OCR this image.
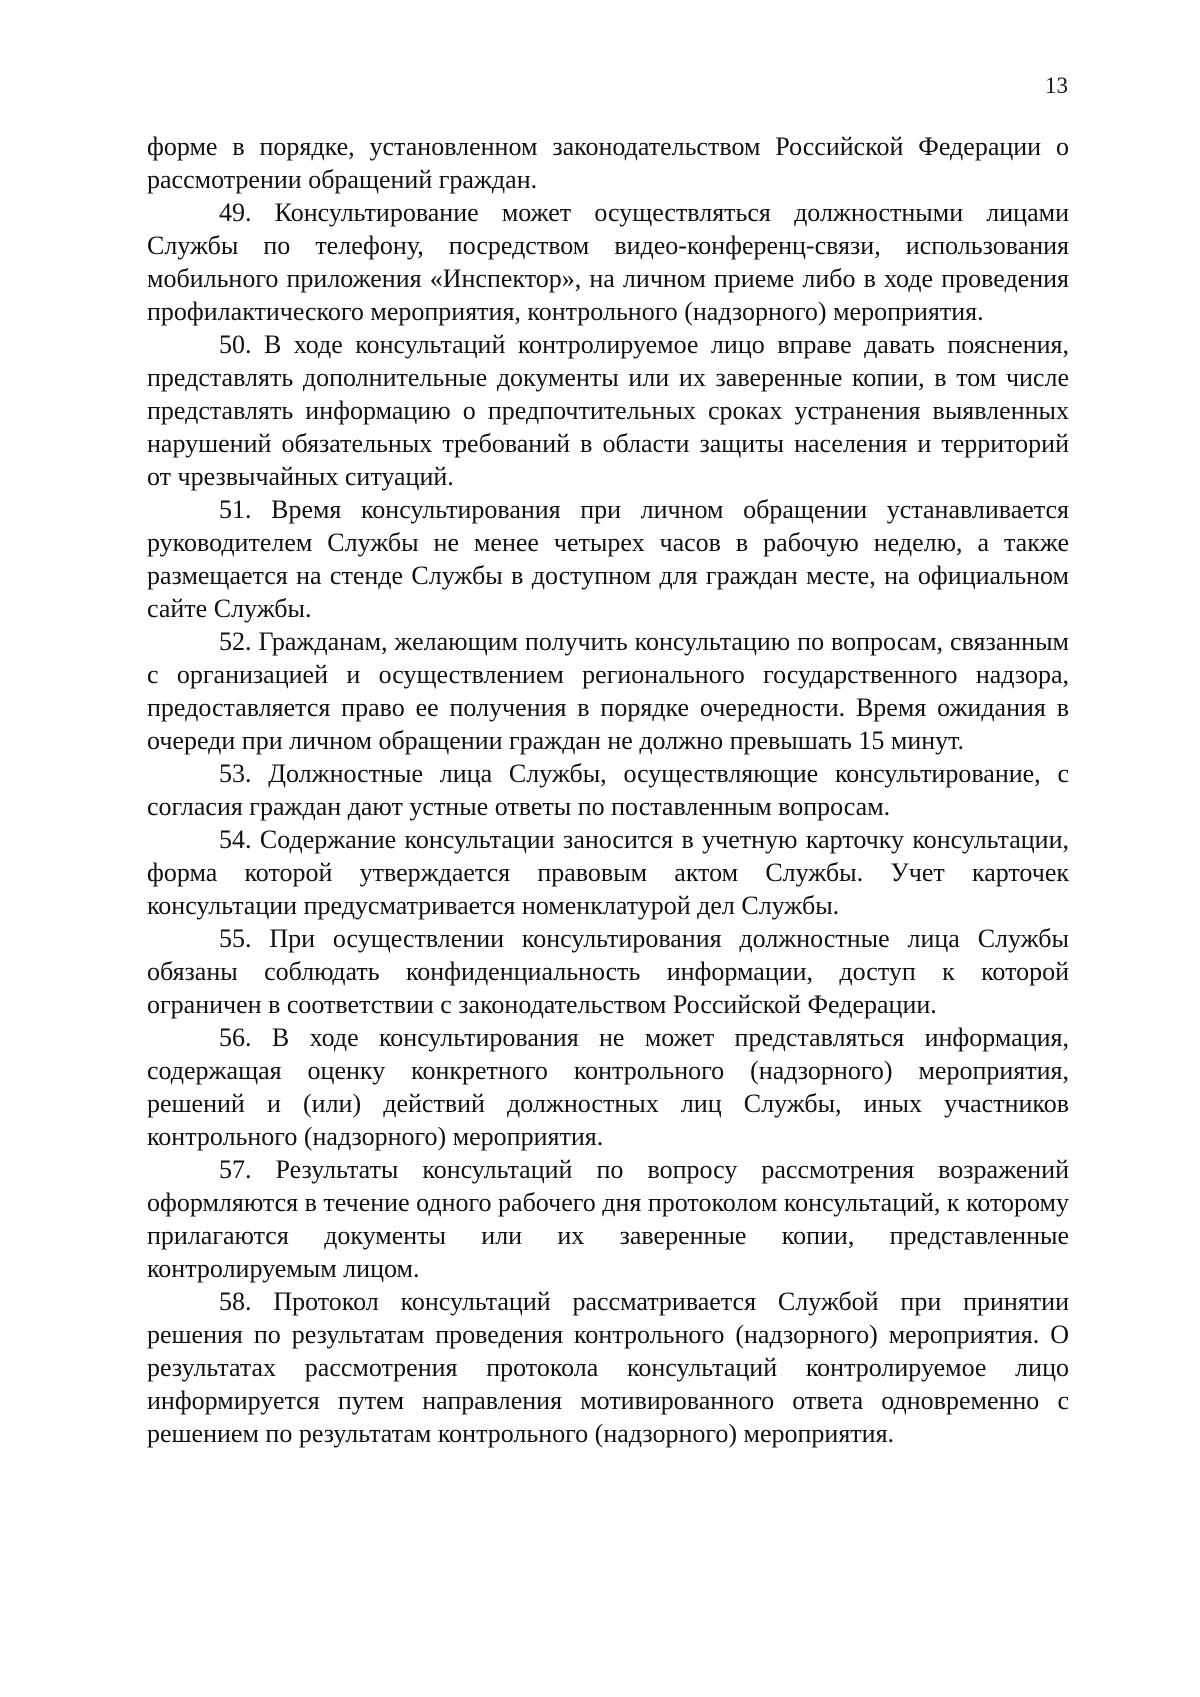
13

форме в порядке, установленном законодательством Российской Федерации о рассмотрении обращений граждан.

49. Консультирование может осуществляться должностными лицами Службы по телефону, посредством видео-конференц-связи, использования мобильного приложения «Инспектор», на личном приеме либо в ходе проведения профилактического мероприятия, контрольного (надзорного) мероприятия.

50. В ходе консультаций контролируемое лицо вправе давать пояснения, представлять дополнительные документы или их заверенные копии, в том числе представлять информацию о предпочтительных сроках устранения выявленных нарушений обязательных требований в области защиты населения и территорий от чрезвычайных ситуаций.

51. Время консультирования при личном обращении устанавливается руководителем Службы не менее четырех часов в рабочую неделю, а также размещается на стенде Службы в доступном для граждан месте, на официальном сайте Службы.

52. Гражданам, желающим получить консультацию по вопросам, связанным с организацией и осуществлением регионального государственного надзора, предоставляется право ее получения в порядке очередности. Время ожидания в очереди при личном обращении граждан не должно превышать 15 минут.

53. Должностные лица Службы, осуществляющие консультирование, с согласия граждан дают устные ответы по поставленным вопросам.

54. Содержание консультации заносится в учетную карточку консультации, форма которой утверждается правовым актом Службы. Учет карточек консультации предусматривается номенклатурой дел Службы.

55. При осуществлении консультирования должностные лица Службы обязаны соблюдать конфиденциальность информации, доступ к которой ограничен в соответствии с законодательством Российской Федерации.

56. В ходе консультирования не может представляться информация, содержащая оценку конкретного контрольного (надзорного) мероприятия, решений и (или) действий должностных лиц Службы, иных участников контрольного (надзорного) мероприятия.

57. Результаты консультаций по вопросу рассмотрения возражений оформляются в течение одного рабочего дня протоколом консультаций, к которому прилагаются документы или их заверенные копии, представленные контролируемым лицом.

58. Протокол консультаций рассматривается Службой при принятии решения по результатам проведения контрольного (надзорного) мероприятия. О результатах рассмотрения протокола консультаций контролируемое лицо информируется путем направления мотивированного ответа одновременно с решением по результатам контрольного (надзорного) мероприятия.
